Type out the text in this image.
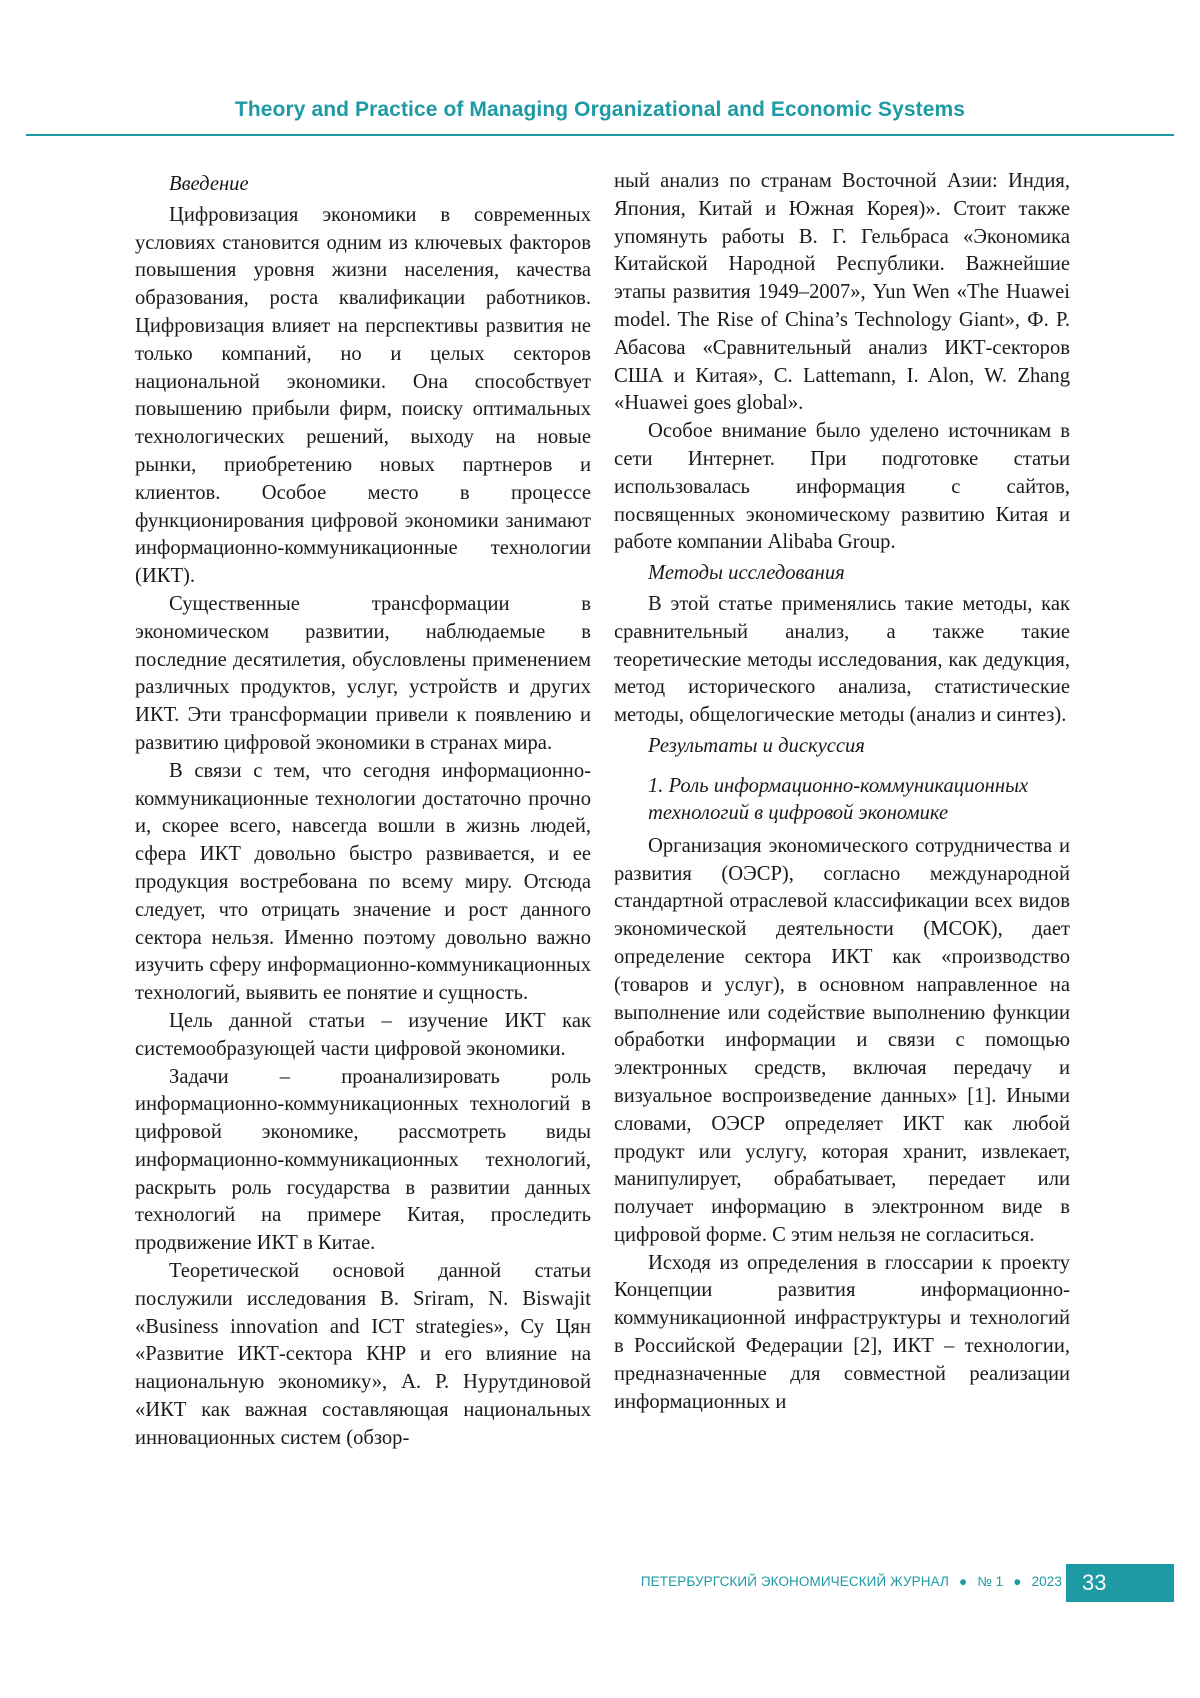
Theory and Practice of Managing Organizational and Economic Systems
Введение

Цифровизация экономики в современных условиях становится одним из ключевых факторов повышения уровня жизни населения, качества образования, роста квалификации работников. Цифровизация влияет на перспективы развития не только компаний, но и целых секторов национальной экономики. Она способствует повышению прибыли фирм, поиску оптимальных технологических решений, выходу на новые рынки, приобретению новых партнеров и клиентов. Особое место в процессе функционирования цифровой экономики занимают информационно-коммуникационные технологии (ИКТ).

Существенные трансформации в экономическом развитии, наблюдаемые в последние десятилетия, обусловлены применением различных продуктов, услуг, устройств и других ИКТ. Эти трансформации привели к появлению и развитию цифровой экономики в странах мира.

В связи с тем, что сегодня информационно-коммуникационные технологии достаточно прочно и, скорее всего, навсегда вошли в жизнь людей, сфера ИКТ довольно быстро развивается, и ее продукция востребована по всему миру. Отсюда следует, что отрицать значение и рост данного сектора нельзя. Именно поэтому довольно важно изучить сферу информационно-коммуникационных технологий, выявить ее понятие и сущность.

Цель данной статьи – изучение ИКТ как системообразующей части цифровой экономики.

Задачи – проанализировать роль информационно-коммуникационных технологий в цифровой экономике, рассмотреть виды информационно-коммуникационных технологий, раскрыть роль государства в развитии данных технологий на примере Китая, проследить продвижение ИКТ в Китае.

Теоретической основой данной статьи послужили исследования B. Sriram, N. Biswajit «Business innovation and ICT strategies», Су Цян «Развитие ИКТ-сектора КНР и его влияние на национальную экономику», А. Р. Нурутдиновой «ИКТ как важная составляющая национальных инновационных систем (обзор-

ный анализ по странам Восточной Азии: Индия, Япония, Китай и Южная Корея)». Стоит также упомянуть работы В. Г. Гельбраса «Экономика Китайской Народной Республики. Важнейшие этапы развития 1949–2007», Yun Wen «The Huawei model. The Rise of China’s Technology Giant», Ф. Р. Абасова «Сравнительный анализ ИКТ-секторов США и Китая», C. Lattemann, I. Alon, W. Zhang «Huawei goes global».

Особое внимание было уделено источникам в сети Интернет. При подготовке статьи использовалась информация с сайтов, посвященных экономическому развитию Китая и работе компании Alibaba Group.

Методы исследования

В этой статье применялись такие методы, как сравнительный анализ, а также такие теоретические методы исследования, как дедукция, метод исторического анализа, статистические методы, общелогические методы (анализ и синтез).

Результаты и дискуссия
1. Роль информационно-коммуникационных технологий в цифровой экономике

Организация экономического сотрудничества и развития (ОЭСР), согласно международной стандартной отраслевой классификации всех видов экономической деятельности (МСОК), дает определение сектора ИКТ как «производство (товаров и услуг), в основном направленное на выполнение или содействие выполнению функции обработки информации и связи с помощью электронных средств, включая передачу и визуальное воспроизведение данных» [1]. Иными словами, ОЭСР определяет ИКТ как любой продукт или услугу, которая хранит, извлекает, манипулирует, обрабатывает, передает или получает информацию в электронном виде в цифровой форме. С этим нельзя не согласиться.

Исходя из определения в глоссарии к проекту Концепции развития информационно-коммуникационной инфраструктуры и технологий в Российской Федерации [2], ИКТ – технологии, предназначенные для совместной реализации информационных и

ПЕТЕРБУРГСКИЙ ЭКОНОМИЧЕСКИЙ ЖУРНАЛ ● № 1 ● 2023 33
